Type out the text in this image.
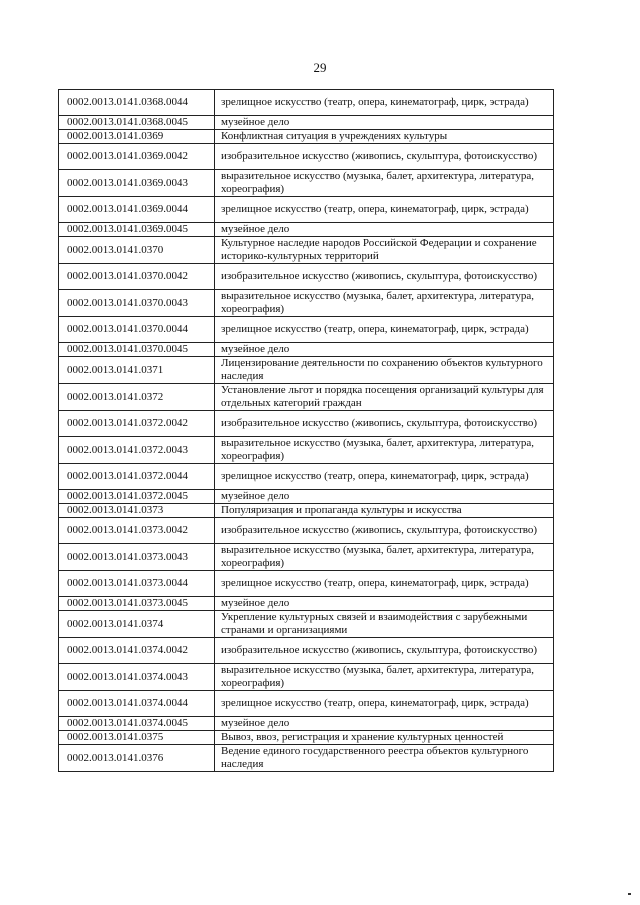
29
0002.0013.0141.0368.0044	зрелищное искусство (театр, опера, кинематограф, цирк, эстрада)
0002.0013.0141.0368.0045	музейное дело
0002.0013.0141.0369	Конфликтная ситуация в учреждениях культуры
0002.0013.0141.0369.0042	изобразительное искусство (живопись, скульптура, фотоискусство)
0002.0013.0141.0369.0043	выразительное искусство (музыка, балет, архитектура, литература, хореография)
0002.0013.0141.0369.0044	зрелищное искусство (театр, опера, кинематограф, цирк, эстрада)
0002.0013.0141.0369.0045	музейное дело
0002.0013.0141.0370	Культурное наследие народов Российской Федерации и сохранение историко-культурных территорий
0002.0013.0141.0370.0042	изобразительное искусство (живопись, скульптура, фотоискусство)
0002.0013.0141.0370.0043	выразительное искусство (музыка, балет, архитектура, литература, хореография)
0002.0013.0141.0370.0044	зрелищное искусство (театр, опера, кинематограф, цирк, эстрада)
0002.0013.0141.0370.0045	музейное дело
0002.0013.0141.0371	Лицензирование деятельности по сохранению объектов культурного наследия
0002.0013.0141.0372	Установление льгот и порядка посещения организаций культуры для отдельных категорий граждан
0002.0013.0141.0372.0042	изобразительное искусство (живопись, скульптура, фотоискусство)
0002.0013.0141.0372.0043	выразительное искусство (музыка, балет, архитектура, литература, хореография)
0002.0013.0141.0372.0044	зрелищное искусство (театр, опера, кинематограф, цирк, эстрада)
0002.0013.0141.0372.0045	музейное дело
0002.0013.0141.0373	Популяризация и пропаганда культуры и искусства
0002.0013.0141.0373.0042	изобразительное искусство (живопись, скульптура, фотоискусство)
0002.0013.0141.0373.0043	выразительное искусство (музыка, балет, архитектура, литература, хореография)
0002.0013.0141.0373.0044	зрелищное искусство (театр, опера, кинематограф, цирк, эстрада)
0002.0013.0141.0373.0045	музейное дело
0002.0013.0141.0374	Укрепление культурных связей и взаимодействия с зарубежными странами и организациями
0002.0013.0141.0374.0042	изобразительное искусство (живопись, скульптура, фотоискусство)
0002.0013.0141.0374.0043	выразительное искусство (музыка, балет, архитектура, литература, хореография)
0002.0013.0141.0374.0044	зрелищное искусство (театр, опера, кинематограф, цирк, эстрада)
0002.0013.0141.0374.0045	музейное дело
0002.0013.0141.0375	Вывоз, ввоз, регистрация и хранение культурных ценностей
0002.0013.0141.0376	Ведение единого государственного реестра объектов культурного наследия
